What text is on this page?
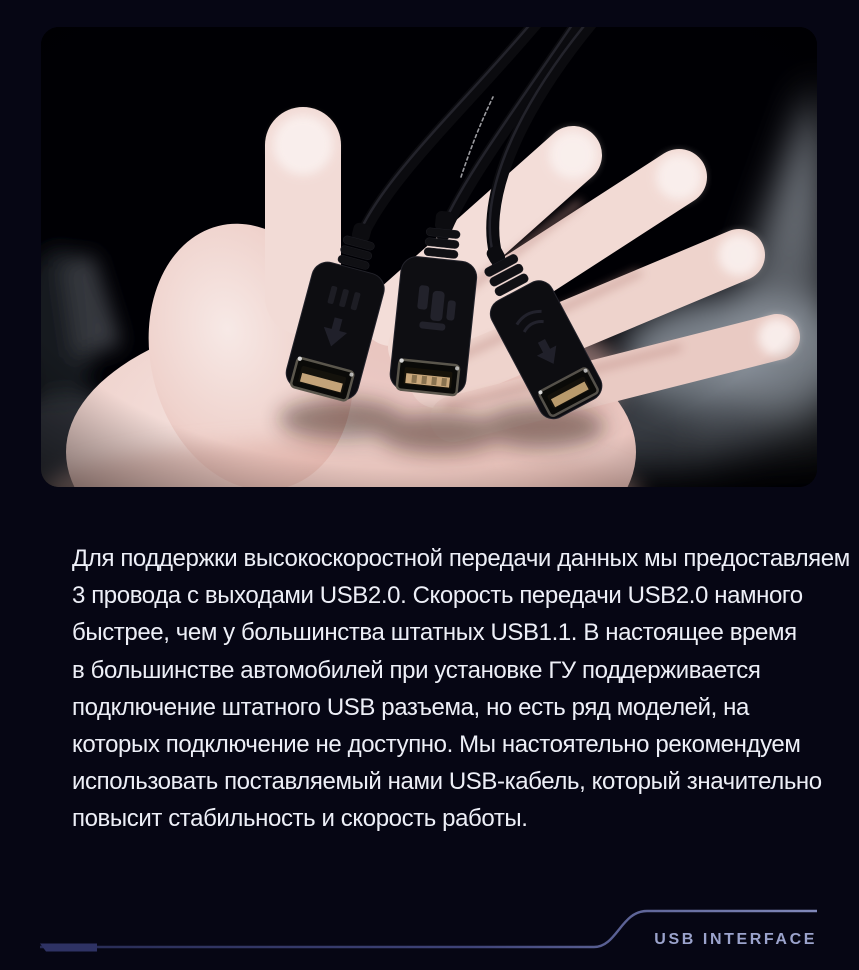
Для поддержки высокоскоростной передачи данных мы предоставляем

3 провода с выходами USB2.0. Скорость передачи USB2.0 намного

быстрее, чем у большинства штатных USB1.1. В настоящее время

в большинстве автомобилей при установке ГУ поддерживается

подключение штатного USB разъема, но есть ряд моделей, на

которых подключение не доступно. Мы настоятельно рекомендуем

использовать поставляемый нами USB-кабель, который значительно

повысит стабильность и скорость работы.

USB INTERFACE
